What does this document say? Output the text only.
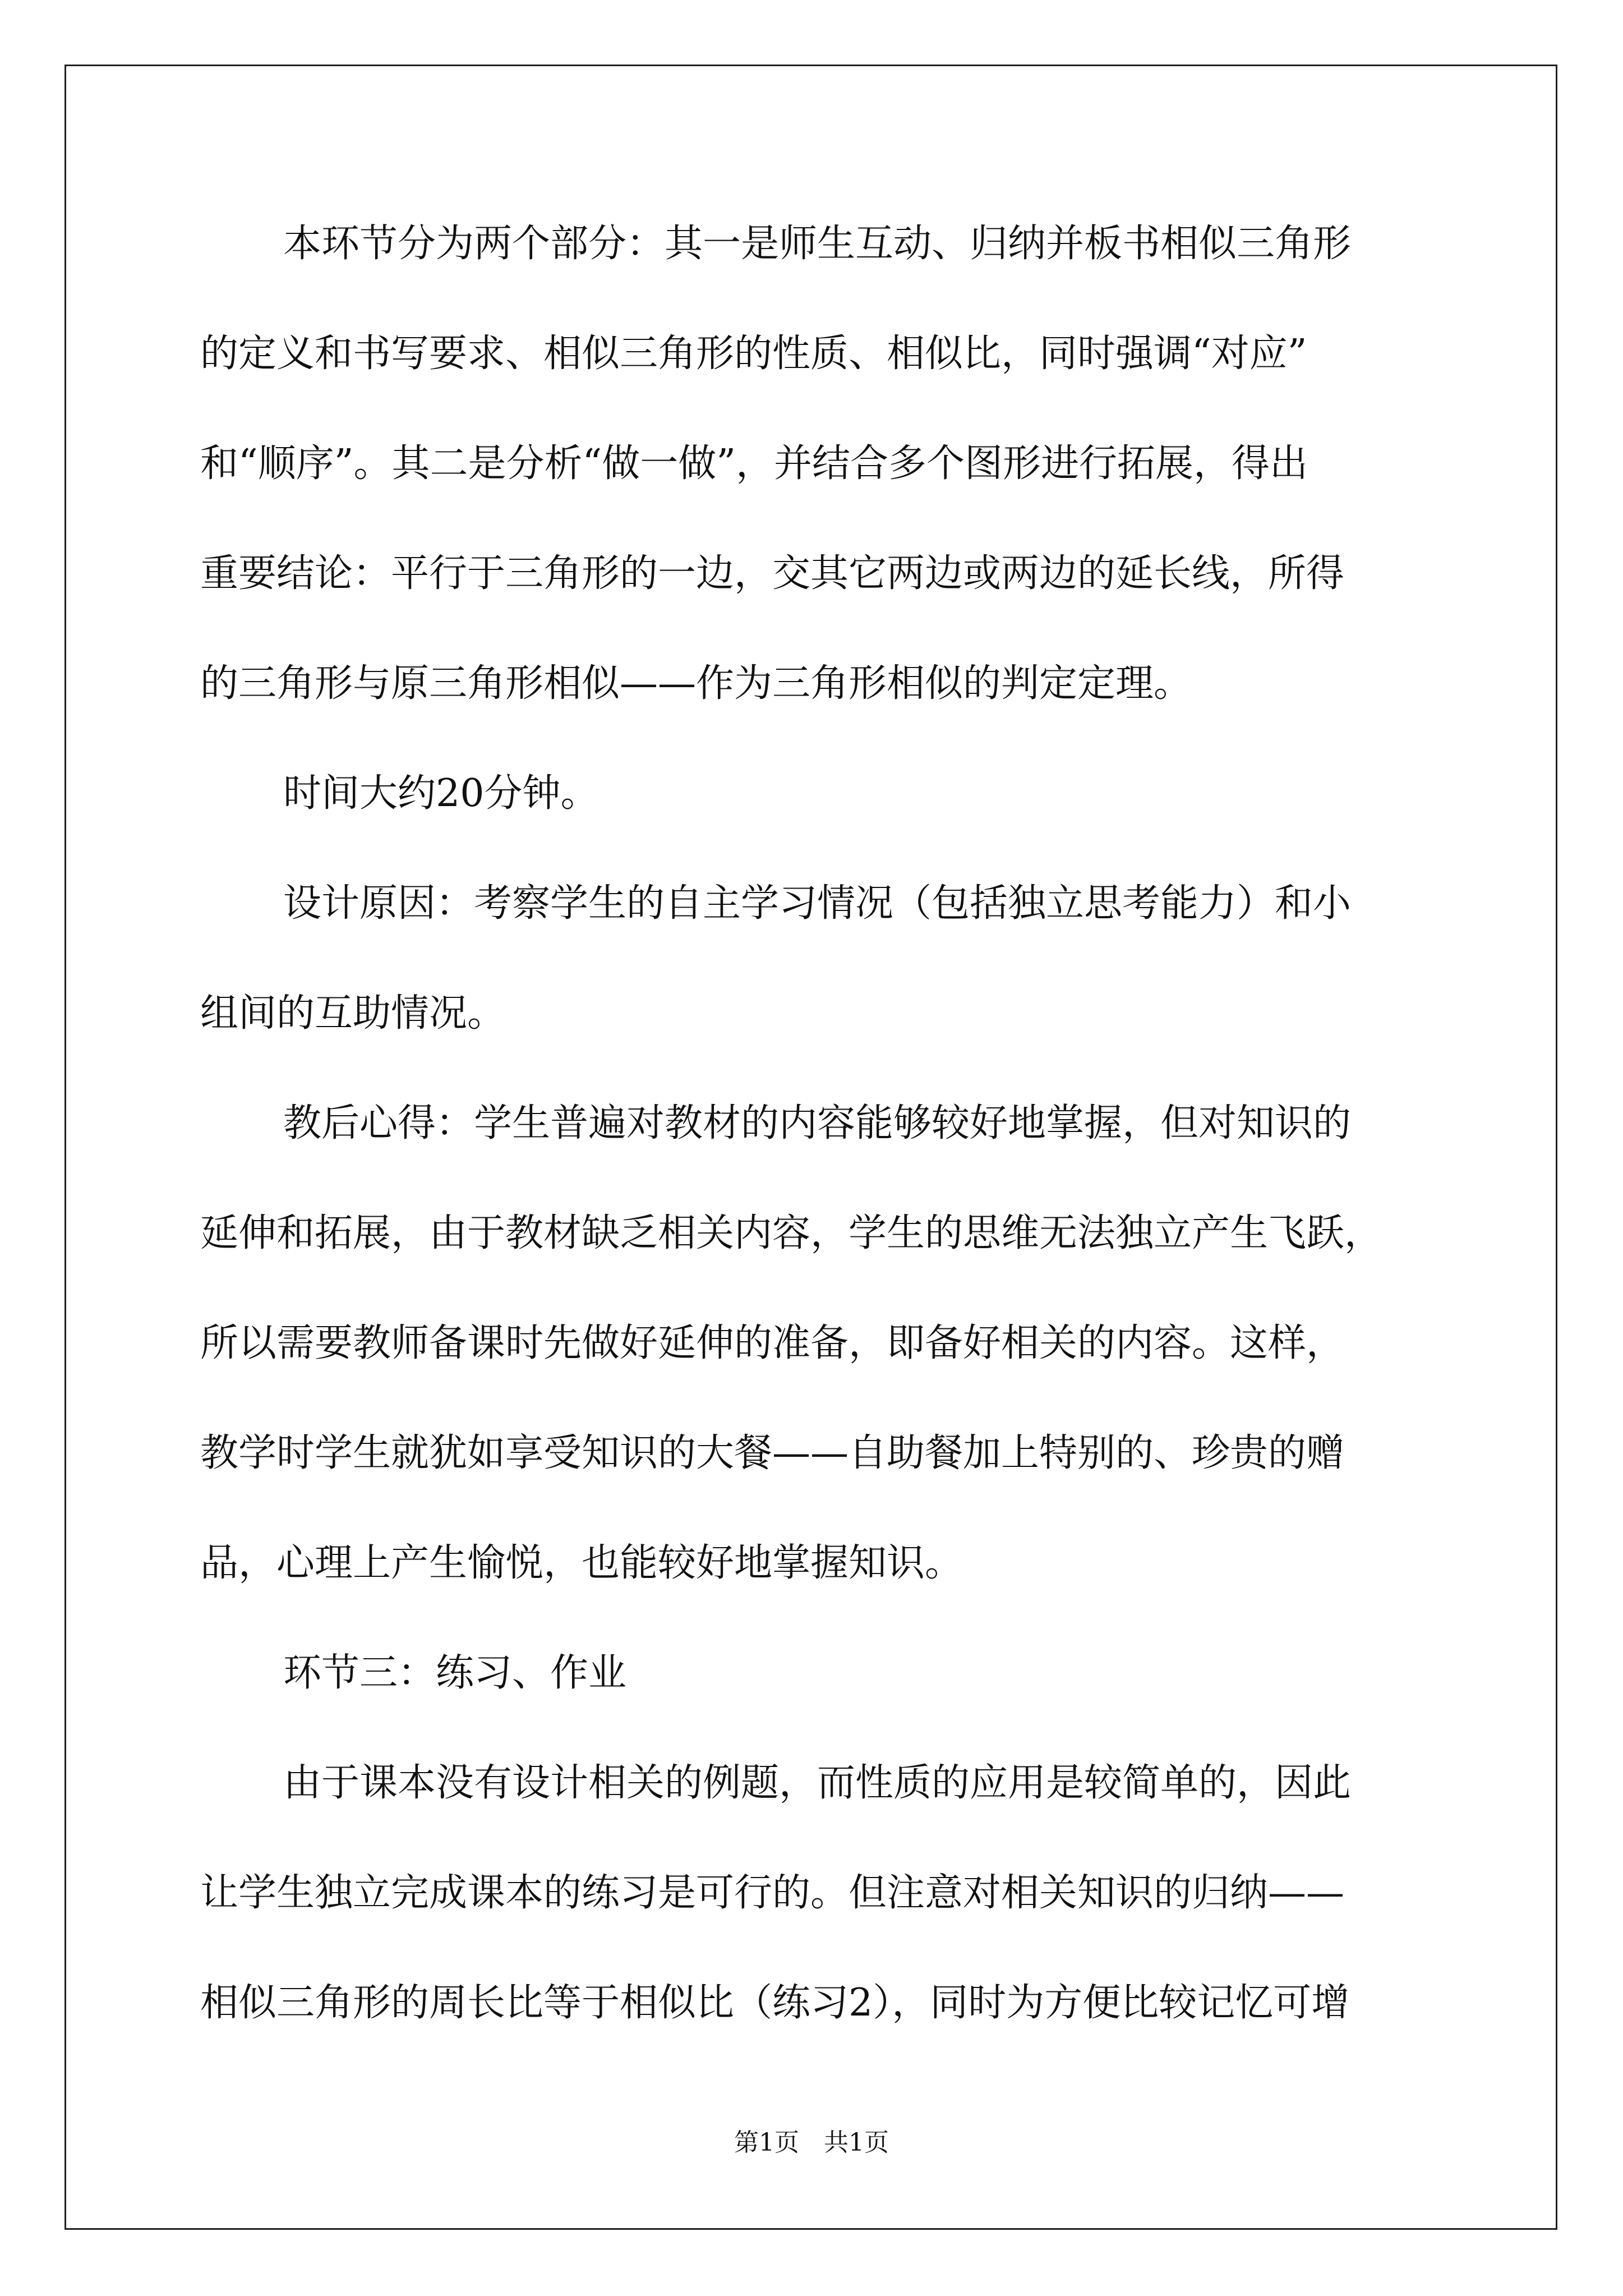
本环节分为两个部分：其一是师生互动、归纳并板书相似三角形
的定义和书写要求、相似三角形的性质、相似比，同时强调“对应”
和“顺序”。其二是分析“做一做”，并结合多个图形进行拓展，得出
重要结论：平行于三角形的一边，交其它两边或两边的延长线，所得
的三角形与原三角形相似——作为三角形相似的判定定理。
时间大约20分钟。
设计原因：考察学生的自主学习情况（包括独立思考能力）和小
组间的互助情况。
教后心得：学生普遍对教材的内容能够较好地掌握，但对知识的
延伸和拓展，由于教材缺乏相关内容，学生的思维无法独立产生飞跃，
所以需要教师备课时先做好延伸的准备，即备好相关的内容。这样，
教学时学生就犹如享受知识的大餐——自助餐加上特别的、珍贵的赠
品，心理上产生愉悦，也能较好地掌握知识。
环节三：练习、作业
由于课本没有设计相关的例题，而性质的应用是较简单的，因此
让学生独立完成课本的练习是可行的。但注意对相关知识的归纳——
相似三角形的周长比等于相似比（练习2），同时为方便比较记忆可增
第1页　共1页
